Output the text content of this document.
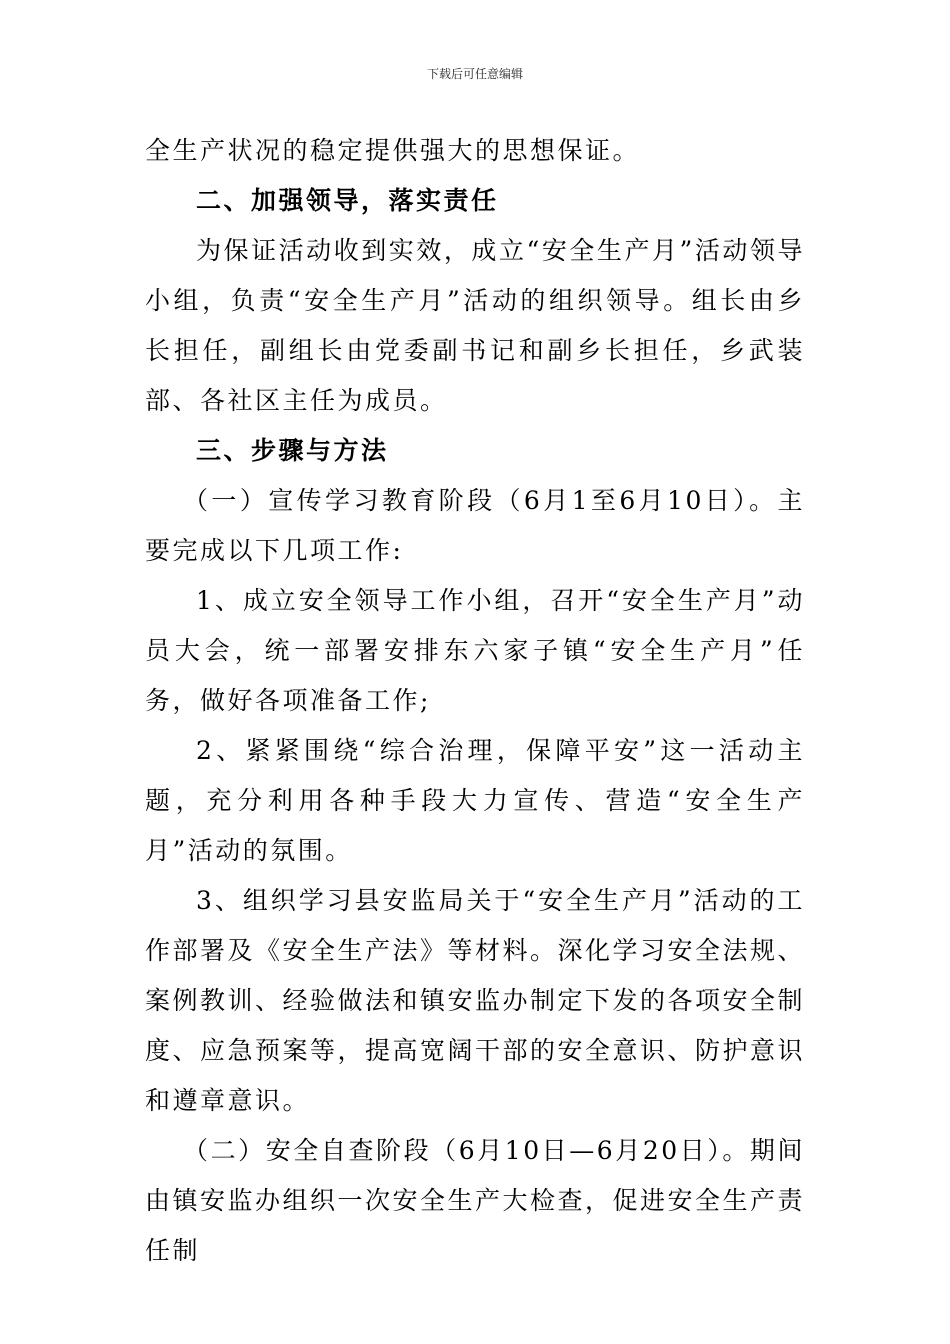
下载后可任意编辑

全生产状况的稳定提供强大的思想保证。

二、加强领导，落实责任

为保证活动收到实效，成立“安全生产月”活动领导小组，负责“安全生产月”活动的组织领导。组长由乡长担任，副组长由党委副书记和副乡长担任，乡武装部、各社区主任为成员。

三、步骤与方法

（一）宣传学习教育阶段（6月1至6月10日）。主要完成以下几项工作:

1、成立安全领导工作小组，召开“安全生产月”动员大会，统一部署安排东六家子镇“安全生产月”任务，做好各项准备工作;

2、紧紧围绕“综合治理，保障平安”这一活动主题，充分利用各种手段大力宣传、营造“安全生产月”活动的氛围。

3、组织学习县安监局关于“安全生产月”活动的工作部署及《安全生产法》等材料。深化学习安全法规、案例教训、经验做法和镇安监办制定下发的各项安全制度、应急预案等，提高宽阔干部的安全意识、防护意识和遵章意识。

（二）安全自查阶段（6月10日—6月20日）。期间由镇安监办组织一次安全生产大检查，促进安全生产责任制
